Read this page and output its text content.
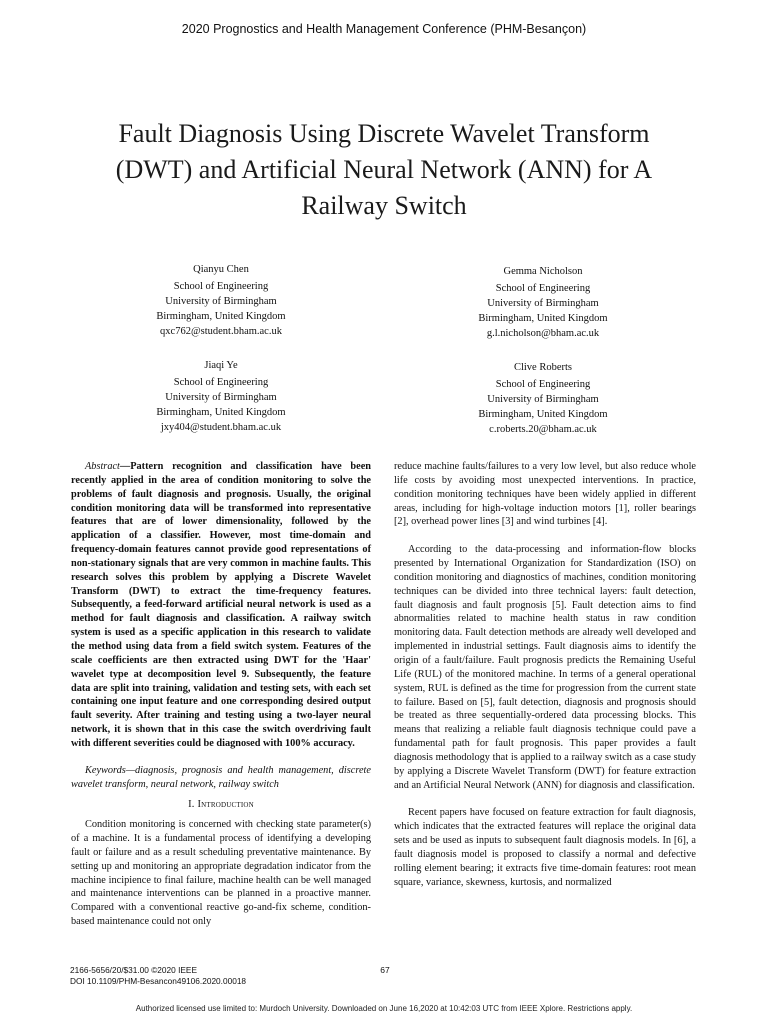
2020 Prognostics and Health Management Conference (PHM-Besançon)
Fault Diagnosis Using Discrete Wavelet Transform
(DWT) and Artificial Neural Network (ANN) for A
Railway Switch
Qianyu Chen
School of Engineering
University of Birmingham
Birmingham, United Kingdom
qxc762@student.bham.ac.uk
Gemma Nicholson
School of Engineering
University of Birmingham
Birmingham, United Kingdom
g.l.nicholson@bham.ac.uk
Jiaqi Ye
School of Engineering
University of Birmingham
Birmingham, United Kingdom
jxy404@student.bham.ac.uk
Clive Roberts
School of Engineering
University of Birmingham
Birmingham, United Kingdom
c.roberts.20@bham.ac.uk

Abstract—Pattern recognition and classification have been recently applied in the area of condition monitoring to solve the problems of fault diagnosis and prognosis. Usually, the original condition monitoring data will be transformed into representative features that are of lower dimensionality, followed by the application of a classifier. However, most time-domain and frequency-domain features cannot provide good representations of non-stationary signals that are very common in machine faults. This research solves this problem by applying a Discrete Wavelet Transform (DWT) to extract the time-frequency features. Subsequently, a feed-forward artificial neural network is used as a method for fault diagnosis and classification. A railway switch system is used as a specific application in this research to validate the method using data from a field switch system. Features of the scale coefficients are then extracted using DWT for the 'Haar' wavelet type at decomposition level 9. Subsequently, the feature data are split into training, validation and testing sets, with each set containing one input feature and one corresponding desired output fault severity. After training and testing using a two-layer neural network, it is shown that in this case the switch overdriving fault with different severities could be diagnosed with 100% accuracy.

Keywords—diagnosis, prognosis and health management, discrete wavelet transform, neural network, railway switch

I. Introduction

Condition monitoring is concerned with checking state parameter(s) of a machine. It is a fundamental process of identifying a developing fault or failure and as a result scheduling preventative maintenance. By setting up and monitoring an appropriate degradation indicator from the machine incipience to final failure, machine health can be well managed and maintenance interventions can be planned in a proactive manner. Compared with a conventional reactive go-and-fix scheme, condition-based maintenance could not only

reduce machine faults/failures to a very low level, but also reduce whole life costs by avoiding most unexpected interventions. In practice, condition monitoring techniques have been widely applied in different areas, including for high-voltage induction motors [1], roller bearings [2], overhead power lines [3] and wind turbines [4].

According to the data-processing and information-flow blocks presented by International Organization for Standardization (ISO) on condition monitoring and diagnostics of machines, condition monitoring techniques can be divided into three technical layers: fault detection, fault diagnosis and fault prognosis [5]. Fault detection aims to find abnormalities related to machine health status in raw condition monitoring data. Fault detection methods are already well developed and implemented in industrial settings. Fault diagnosis aims to identify the origin of a fault/failure. Fault prognosis predicts the Remaining Useful Life (RUL) of the monitored machine. In terms of a general operational system, RUL is defined as the time for progression from the current state to failure. Based on [5], fault detection, diagnosis and prognosis should be treated as three sequentially-ordered data processing blocks. This means that realizing a reliable fault diagnosis technique could pave a fundamental path for fault prognosis. This paper provides a fault diagnosis methodology that is applied to a railway switch as a case study by applying a Discrete Wavelet Transform (DWT) for feature extraction and an Artificial Neural Network (ANN) for diagnosis and classification.

Recent papers have focused on feature extraction for fault diagnosis, which indicates that the extracted features will replace the original data sets and be used as inputs to subsequent fault diagnosis models. In [6], a fault diagnosis model is proposed to classify a normal and defective rolling element bearing; it extracts five time-domain features: root mean square, variance, skewness, kurtosis, and normalized

2166-5656/20/$31.00 ©2020 IEEE
DOI 10.1109/PHM-Besancon49106.2020.00018
67
Authorized licensed use limited to: Murdoch University. Downloaded on June 16,2020 at 10:42:03 UTC from IEEE Xplore. Restrictions apply.
